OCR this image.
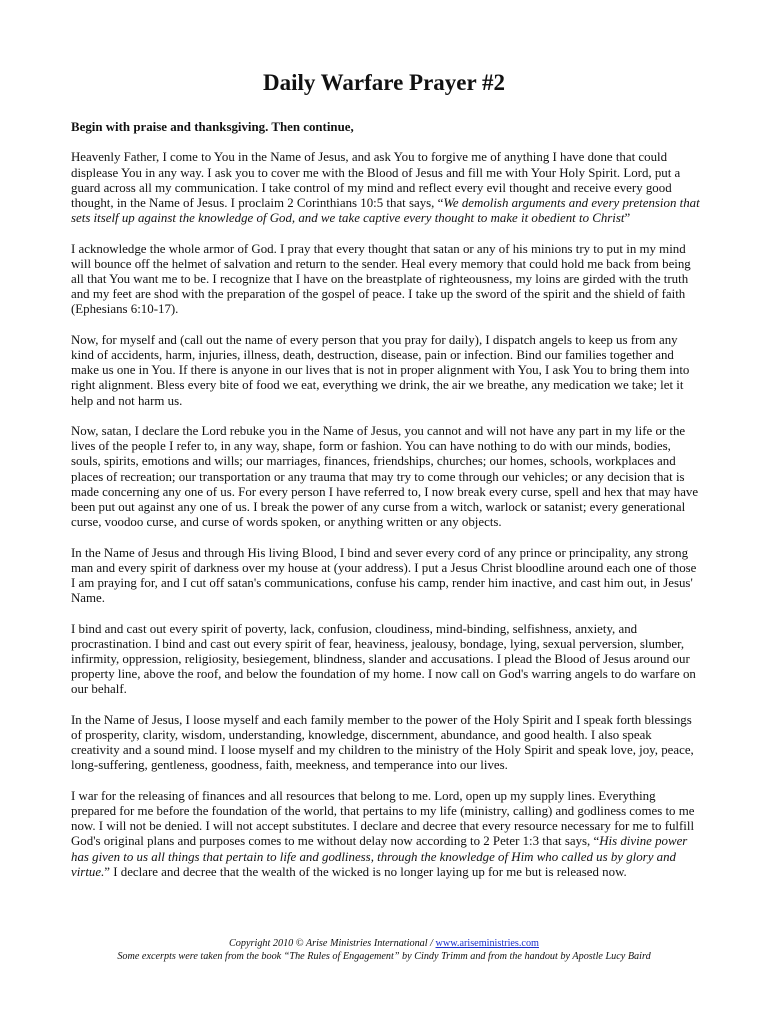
Daily Warfare Prayer #2

Begin with praise and thanksgiving. Then continue,

Heavenly Father, I come to You in the Name of Jesus, and ask You to forgive me of anything I have done that could displease You in any way. I ask you to cover me with the Blood of Jesus and fill me with Your Holy Spirit. Lord, put a guard across all my communication. I take control of my mind and reflect every evil thought and receive every good thought, in the Name of Jesus. I proclaim 2 Corinthians 10:5 that says, “We demolish arguments and every pretension that sets itself up against the knowledge of God, and we take captive every thought to make it obedient to Christ”

I acknowledge the whole armor of God. I pray that every thought that satan or any of his minions try to put in my mind will bounce off the helmet of salvation and return to the sender. Heal every memory that could hold me back from being all that You want me to be. I recognize that I have on the breastplate of righteousness, my loins are girded with the truth and my feet are shod with the preparation of the gospel of peace. I take up the sword of the spirit and the shield of faith (Ephesians 6:10-17).

Now, for myself and (call out the name of every person that you pray for daily), I dispatch angels to keep us from any kind of accidents, harm, injuries, illness, death, destruction, disease, pain or infection. Bind our families together and make us one in You. If there is anyone in our lives that is not in proper alignment with You, I ask You to bring them into right alignment. Bless every bite of food we eat, everything we drink, the air we breathe, any medication we take; let it help and not harm us.

Now, satan, I declare the Lord rebuke you in the Name of Jesus, you cannot and will not have any part in my life or the lives of the people I refer to, in any way, shape, form or fashion. You can have nothing to do with our minds, bodies, souls, spirits, emotions and wills; our marriages, finances, friendships, churches; our homes, schools, workplaces and places of recreation; our transportation or any trauma that may try to come through our vehicles; or any decision that is made concerning any one of us. For every person I have referred to, I now break every curse, spell and hex that may have been put out against any one of us. I break the power of any curse from a witch, warlock or satanist; every generational curse, voodoo curse, and curse of words spoken, or anything written or any objects.

In the Name of Jesus and through His living Blood, I bind and sever every cord of any prince or principality, any strong man and every spirit of darkness over my house at (your address). I put a Jesus Christ bloodline around each one of those I am praying for, and I cut off satan's communications, confuse his camp, render him inactive, and cast him out, in Jesus' Name.

I bind and cast out every spirit of poverty, lack, confusion, cloudiness, mind-binding, selfishness, anxiety, and procrastination. I bind and cast out every spirit of fear, heaviness, jealousy, bondage, lying, sexual perversion, slumber, infirmity, oppression, religiosity, besiegement, blindness, slander and accusations. I plead the Blood of Jesus around our property line, above the roof, and below the foundation of my home. I now call on God's warring angels to do warfare on our behalf.

In the Name of Jesus, I loose myself and each family member to the power of the Holy Spirit and I speak forth blessings of prosperity, clarity, wisdom, understanding, knowledge, discernment, abundance, and good health. I also speak creativity and a sound mind. I loose myself and my children to the ministry of the Holy Spirit and speak love, joy, peace, long-suffering, gentleness, goodness, faith, meekness, and temperance into our lives.

I war for the releasing of finances and all resources that belong to me. Lord, open up my supply lines. Everything prepared for me before the foundation of the world, that pertains to my life (ministry, calling) and godliness comes to me now. I will not be denied. I will not accept substitutes. I declare and decree that every resource necessary for me to fulfill God's original plans and purposes comes to me without delay now according to 2 Peter 1:3 that says, “His divine power has given to us all things that pertain to life and godliness, through the knowledge of Him who called us by glory and virtue.” I declare and decree that the wealth of the wicked is no longer laying up for me but is released now.

Copyright 2010 © Arise Ministries International / www.ariseministries.com
Some excerpts were taken from the book “The Rules of Engagement” by Cindy Trimm and from the handout by Apostle Lucy Baird
